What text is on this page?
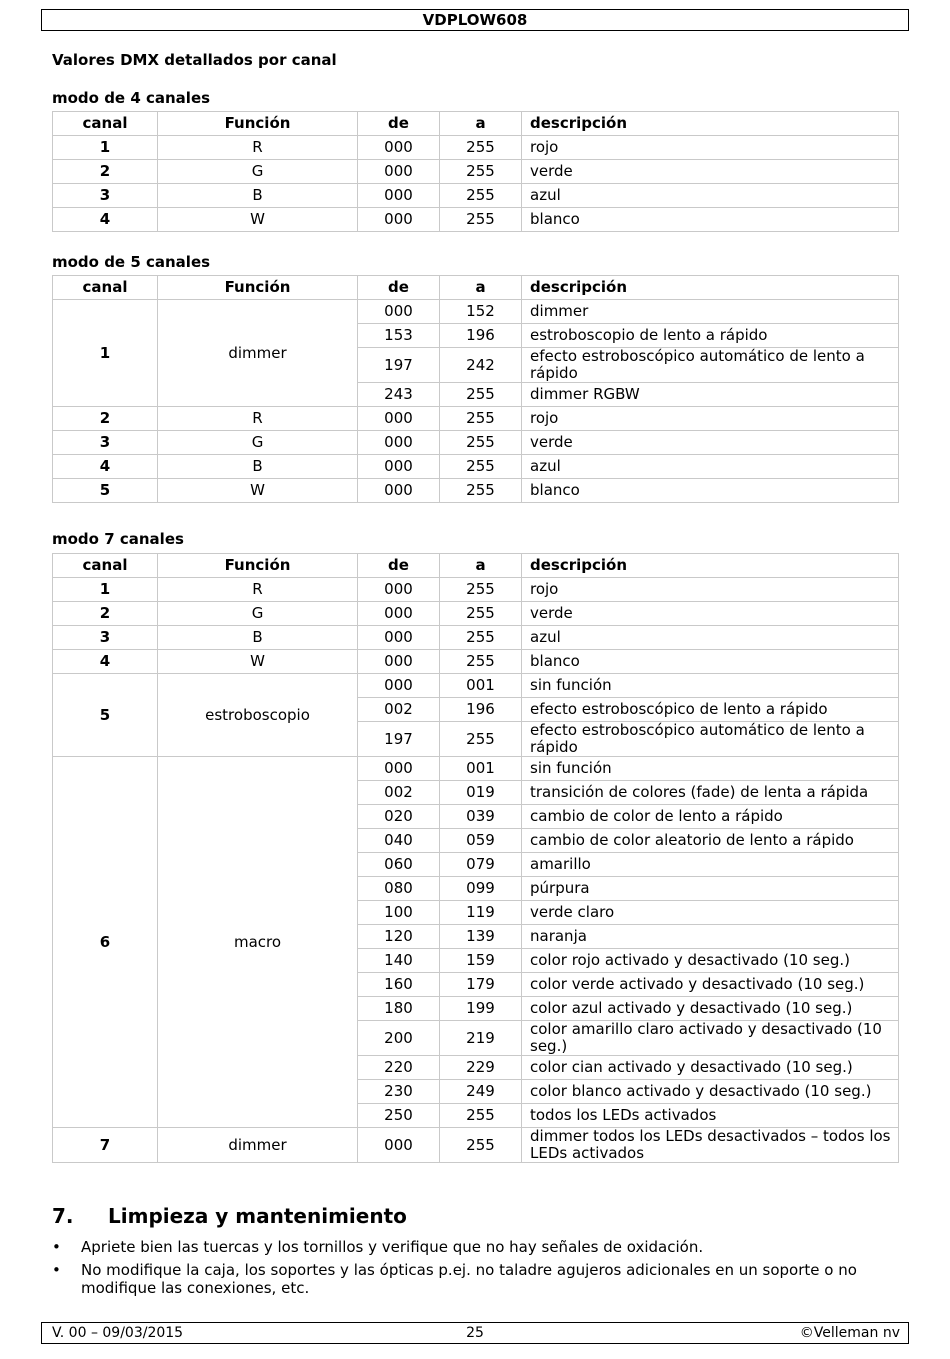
VDPLOW608
Valores DMX detallados por canal
modo de 4 canales
canal	Función	de	a	descripción
1	R	000	255	rojo
2	G	000	255	verde
3	B	000	255	azul
4	W	000	255	blanco
modo de 5 canales
canal	Función	de	a	descripción
1	dimmer	000	152	dimmer
		153	196	estroboscopio de lento a rápido
		197	242	efecto estroboscópico automático de lento a rápido
		243	255	dimmer RGBW
2	R	000	255	rojo
3	G	000	255	verde
4	B	000	255	azul
5	W	000	255	blanco
modo 7 canales
canal	Función	de	a	descripción
1	R	000	255	rojo
2	G	000	255	verde
3	B	000	255	azul
4	W	000	255	blanco
5	estroboscopio	000	001	sin función
		002	196	efecto estroboscópico de lento a rápido
		197	255	efecto estroboscópico automático de lento a rápido
6	macro	000	001	sin función
		002	019	transición de colores (fade) de lenta a rápida
		020	039	cambio de color de lento a rápido
		040	059	cambio de color aleatorio de lento a rápido
		060	079	amarillo
		080	099	púrpura
		100	119	verde claro
		120	139	naranja
		140	159	color rojo activado y desactivado (10 seg.)
		160	179	color verde activado y desactivado (10 seg.)
		180	199	color azul activado y desactivado (10 seg.)
		200	219	color amarillo claro activado y desactivado (10 seg.)
		220	229	color cian activado y desactivado (10 seg.)
		230	249	color blanco activado y desactivado (10 seg.)
		250	255	todos los LEDs activados
7	dimmer	000	255	dimmer todos los LEDs desactivados – todos los LEDs activados
7. Limpieza y mantenimiento
• Apriete bien las tuercas y los tornillos y verifique que no hay señales de oxidación.
• No modifique la caja, los soportes y las ópticas p.ej. no taladre agujeros adicionales en un soporte o no modifique las conexiones, etc.
V. 00 – 09/03/2015	25	©Velleman nv
